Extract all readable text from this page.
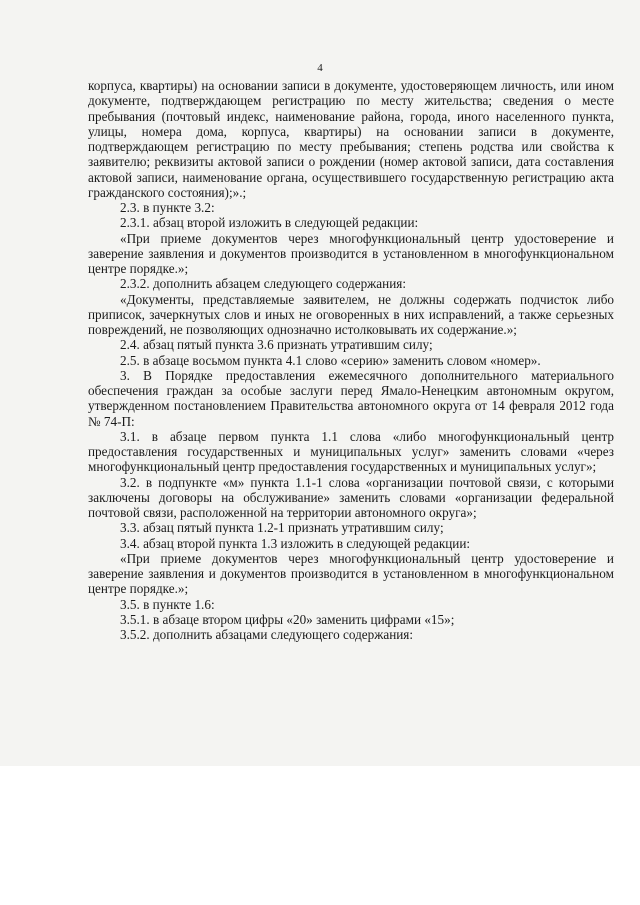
4

корпуса, квартиры) на основании записи в документе, удостоверяющем личность, или ином документе, подтверждающем регистрацию по месту жительства; сведения о месте пребывания (почтовый индекс, наименование района, города, иного населенного пункта, улицы, номера дома, корпуса, квартиры) на основании записи в документе, подтверждающем регистрацию по месту пребывания; степень родства или свойства к заявителю; реквизиты актовой записи о рождении (номер актовой записи, дата составления актовой записи, наименование органа, осуществившего государственную регистрацию акта гражданского состояния);».;

2.3. в пункте 3.2:

2.3.1. абзац второй изложить в следующей редакции:

«При приеме документов через многофункциональный центр удостоверение и заверение заявления и документов производится в установленном в многофункциональном центре порядке.»;

2.3.2. дополнить абзацем следующего содержания:

«Документы, представляемые заявителем, не должны содержать подчисток либо приписок, зачеркнутых слов и иных не оговоренных в них исправлений, а также серьезных повреждений, не позволяющих однозначно истолковывать их содержание.»;

2.4. абзац пятый пункта 3.6 признать утратившим силу;

2.5. в абзаце восьмом пункта 4.1 слово «серию» заменить словом «номер».

3. В Порядке предоставления ежемесячного дополнительного материального обеспечения граждан за особые заслуги перед Ямало-Ненецким автономным округом, утвержденном постановлением Правительства автономного округа от 14 февраля 2012 года № 74-П:

3.1. в абзаце первом пункта 1.1 слова «либо многофункциональный центр предоставления государственных и муниципальных услуг» заменить словами «через многофункциональный центр предоставления государственных и муниципальных услуг»;

3.2. в подпункте «м» пункта 1.1-1 слова «организации почтовой связи, с которыми заключены договоры на обслуживание» заменить словами «организации федеральной почтовой связи, расположенной на территории автономного округа»;

3.3. абзац пятый пункта 1.2-1 признать утратившим силу;

3.4. абзац второй пункта 1.3 изложить в следующей редакции:

«При приеме документов через многофункциональный центр удостоверение и заверение заявления и документов производится в установленном в многофункциональном центре порядке.»;

3.5. в пункте 1.6:

3.5.1. в абзаце втором цифры «20» заменить цифрами «15»;

3.5.2. дополнить абзацами следующего содержания:
